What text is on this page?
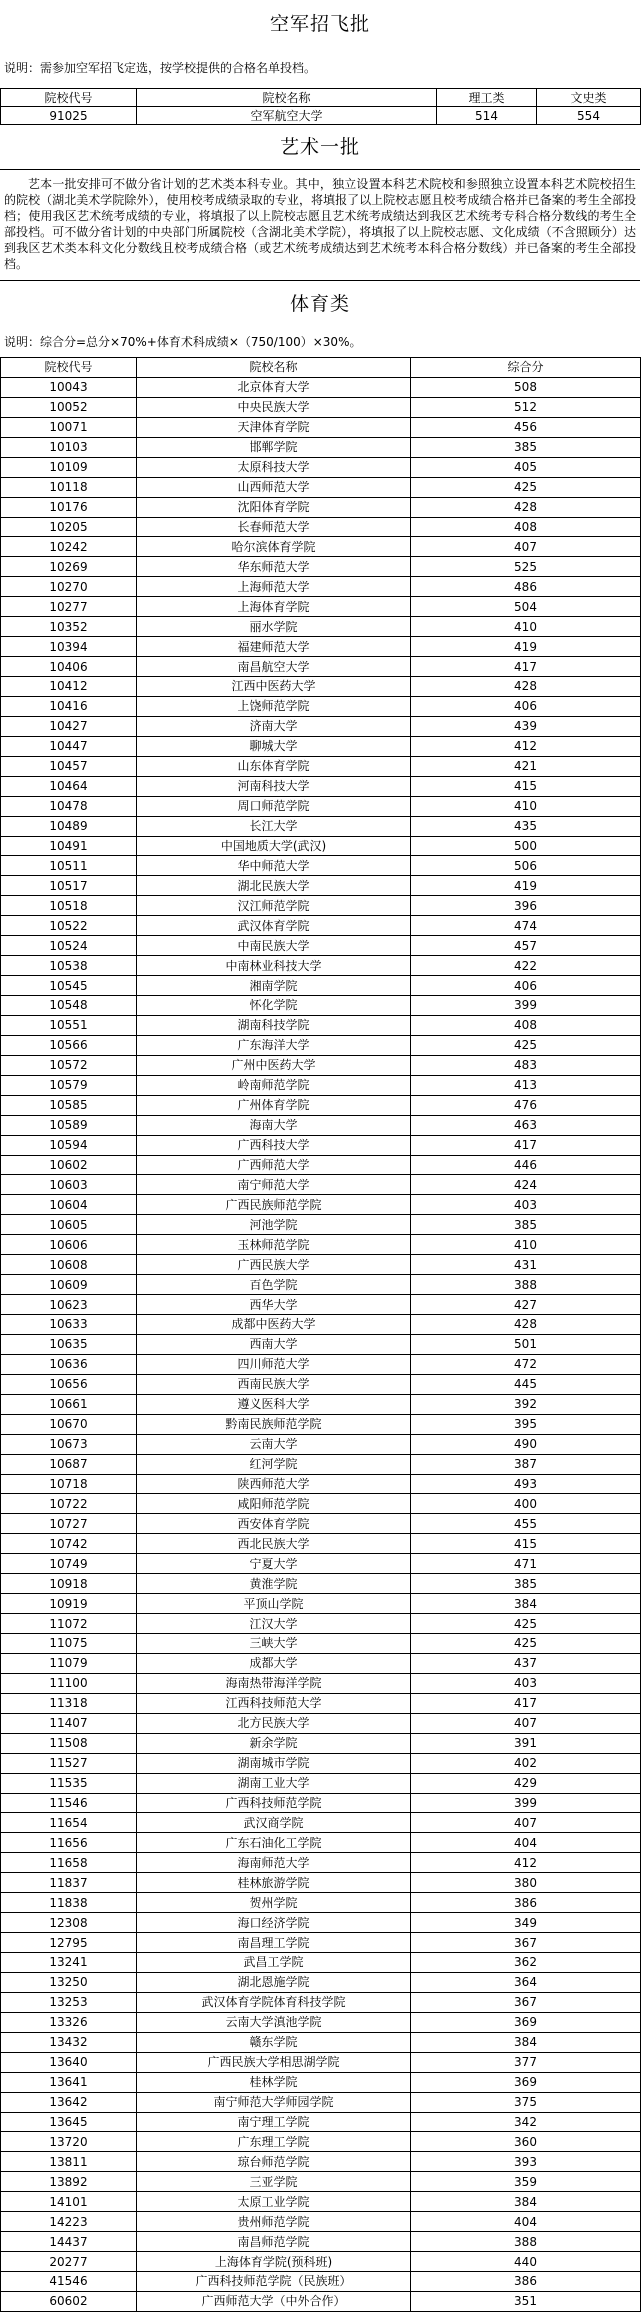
空军招飞批
说明：需参加空军招飞定选，按学校提供的合格名单投档。
院校代号	院校名称	理工类	文史类
91025	空军航空大学	514	554
艺术一批
艺本一批安排可不做分省计划的艺术类本科专业。其中，独立设置本科艺术院校和参照独立设置本科艺术院校招生的院校（湖北美术学院除外），使用校考成绩录取的专业，将填报了以上院校志愿且校考成绩合格并已备案的考生全部投档；使用我区艺术统考成绩的专业，将填报了以上院校志愿且艺术统考成绩达到我区艺术统考专科合格分数线的考生全部投档。可不做分省计划的中央部门所属院校（含湖北美术学院），将填报了以上院校志愿、文化成绩（不含照顾分）达到我区艺术类本科文化分数线且校考成绩合格（或艺术统考成绩达到艺术统考本科合格分数线）并已备案的考生全部投档。
体育类
说明：综合分=总分×70%+体育术科成绩×（750/100）×30%。
院校代号	院校名称	综合分
10043	北京体育大学	508
10052	中央民族大学	512
10071	天津体育学院	456
10103	邯郸学院	385
10109	太原科技大学	405
10118	山西师范大学	425
10176	沈阳体育学院	428
10205	长春师范大学	408
10242	哈尔滨体育学院	407
10269	华东师范大学	525
10270	上海师范大学	486
10277	上海体育学院	504
10352	丽水学院	410
10394	福建师范大学	419
10406	南昌航空大学	417
10412	江西中医药大学	428
10416	上饶师范学院	406
10427	济南大学	439
10447	聊城大学	412
10457	山东体育学院	421
10464	河南科技大学	415
10478	周口师范学院	410
10489	长江大学	435
10491	中国地质大学(武汉)	500
10511	华中师范大学	506
10517	湖北民族大学	419
10518	汉江师范学院	396
10522	武汉体育学院	474
10524	中南民族大学	457
10538	中南林业科技大学	422
10545	湘南学院	406
10548	怀化学院	399
10551	湖南科技学院	408
10566	广东海洋大学	425
10572	广州中医药大学	483
10579	岭南师范学院	413
10585	广州体育学院	476
10589	海南大学	463
10594	广西科技大学	417
10602	广西师范大学	446
10603	南宁师范大学	424
10604	广西民族师范学院	403
10605	河池学院	385
10606	玉林师范学院	410
10608	广西民族大学	431
10609	百色学院	388
10623	西华大学	427
10633	成都中医药大学	428
10635	西南大学	501
10636	四川师范大学	472
10656	西南民族大学	445
10661	遵义医科大学	392
10670	黔南民族师范学院	395
10673	云南大学	490
10687	红河学院	387
10718	陕西师范大学	493
10722	咸阳师范学院	400
10727	西安体育学院	455
10742	西北民族大学	415
10749	宁夏大学	471
10918	黄淮学院	385
10919	平顶山学院	384
11072	江汉大学	425
11075	三峡大学	425
11079	成都大学	437
11100	海南热带海洋学院	403
11318	江西科技师范大学	417
11407	北方民族大学	407
11508	新余学院	391
11527	湖南城市学院	402
11535	湖南工业大学	429
11546	广西科技师范学院	399
11654	武汉商学院	407
11656	广东石油化工学院	404
11658	海南师范大学	412
11837	桂林旅游学院	380
11838	贺州学院	386
12308	海口经济学院	349
12795	南昌理工学院	367
13241	武昌工学院	362
13250	湖北恩施学院	364
13253	武汉体育学院体育科技学院	367
13326	云南大学滇池学院	369
13432	赣东学院	384
13640	广西民族大学相思湖学院	377
13641	桂林学院	369
13642	南宁师范大学师园学院	375
13645	南宁理工学院	342
13720	广东理工学院	360
13811	琼台师范学院	393
13892	三亚学院	359
14101	太原工业学院	384
14223	贵州师范学院	404
14437	南昌师范学院	388
20277	上海体育学院(预科班)	440
41546	广西科技师范学院（民族班）	386
60602	广西师范大学（中外合作）	351
